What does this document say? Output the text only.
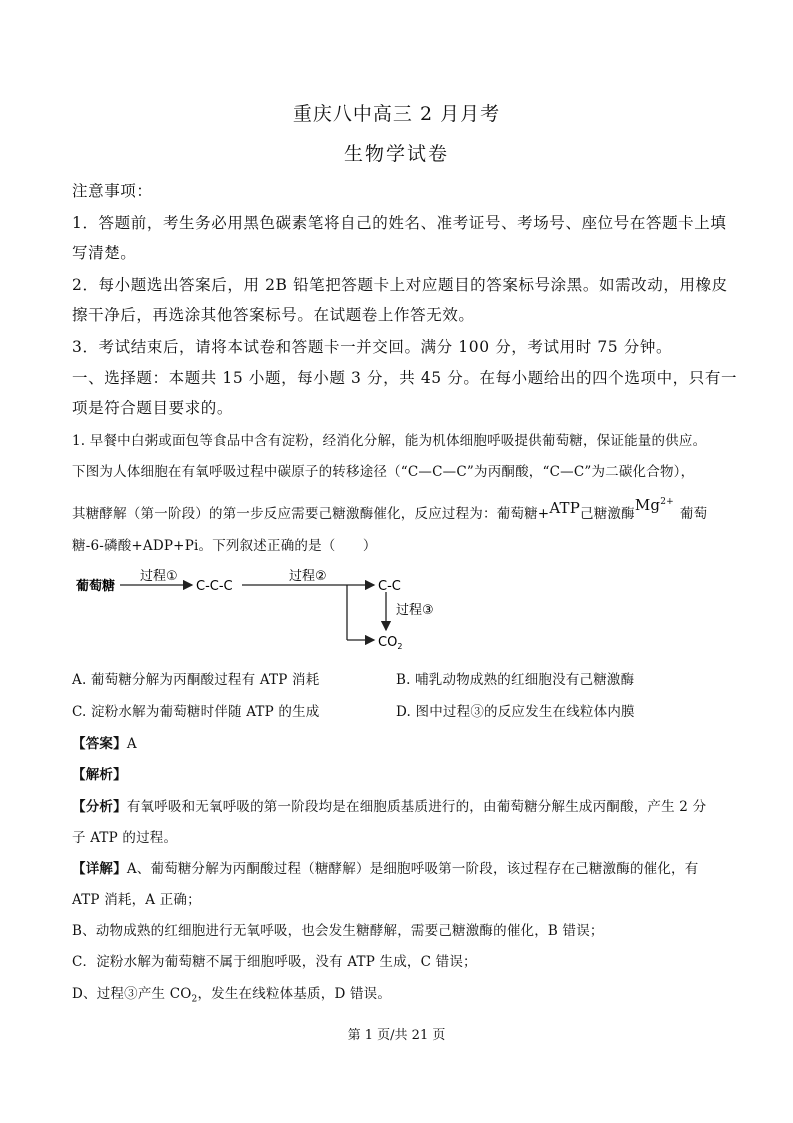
重庆八中高三 2 月月考
生物学试卷
注意事项：
1．答题前，考生务必用黑色碳素笔将自己的姓名、准考证号、考场号、座位号在答题卡上填
写清楚。
2．每小题选出答案后，用 2B 铅笔把答题卡上对应题目的答案标号涂黑。如需改动，用橡皮
擦干净后，再选涂其他答案标号。在试题卷上作答无效。
3．考试结束后，请将本试卷和答题卡一并交回。满分 100 分，考试用时 75 分钟。
一、选择题：本题共 15 小题，每小题 3 分，共 45 分。在每小题给出的四个选项中，只有一
项是符合题目要求的。
1. 早餐中白粥或面包等食品中含有淀粉，经消化分解，能为机体细胞呼吸提供葡萄糖，保证能量的供应。
下图为人体细胞在有氧呼吸过程中碳原子的转移途径（“C—C—C”为丙酮酸，“C—C”为二碳化合物），
其糖酵解（第一阶段）的第一步反应需要己糖激酶催化，反应过程为：葡萄糖+ATP己糖激酶$Mg^{2+}$葡萄
糖-6-磷酸+ADP+Pi。下列叙述正确的是（　　）
葡萄糖
过程①
C-C-C
过程②
C-C
过程③
$CO_2$
A. 葡萄糖分解为丙酮酸过程有 ATP 消耗	B. 哺乳动物成熟的红细胞没有己糖激酶
C. 淀粉水解为葡萄糖时伴随 ATP 的生成	D. 图中过程③的反应发生在线粒体内膜
【答案】A
【解析】
【分析】有氧呼吸和无氧呼吸的第一阶段均是在细胞质基质进行的，由葡萄糖分解生成丙酮酸，产生 2 分
子 ATP 的过程。
【详解】A、葡萄糖分解为丙酮酸过程（糖酵解）是细胞呼吸第一阶段，该过程存在己糖激酶的催化，有
ATP 消耗，A 正确；
B、动物成熟的红细胞进行无氧呼吸，也会发生糖酵解，需要己糖激酶的催化，B 错误；
C．淀粉水解为葡萄糖不属于细胞呼吸，没有 ATP 生成，C 错误；
D、过程③产生 $CO_2$，发生在线粒体基质，D 错误。
第 1 页/共 21 页
